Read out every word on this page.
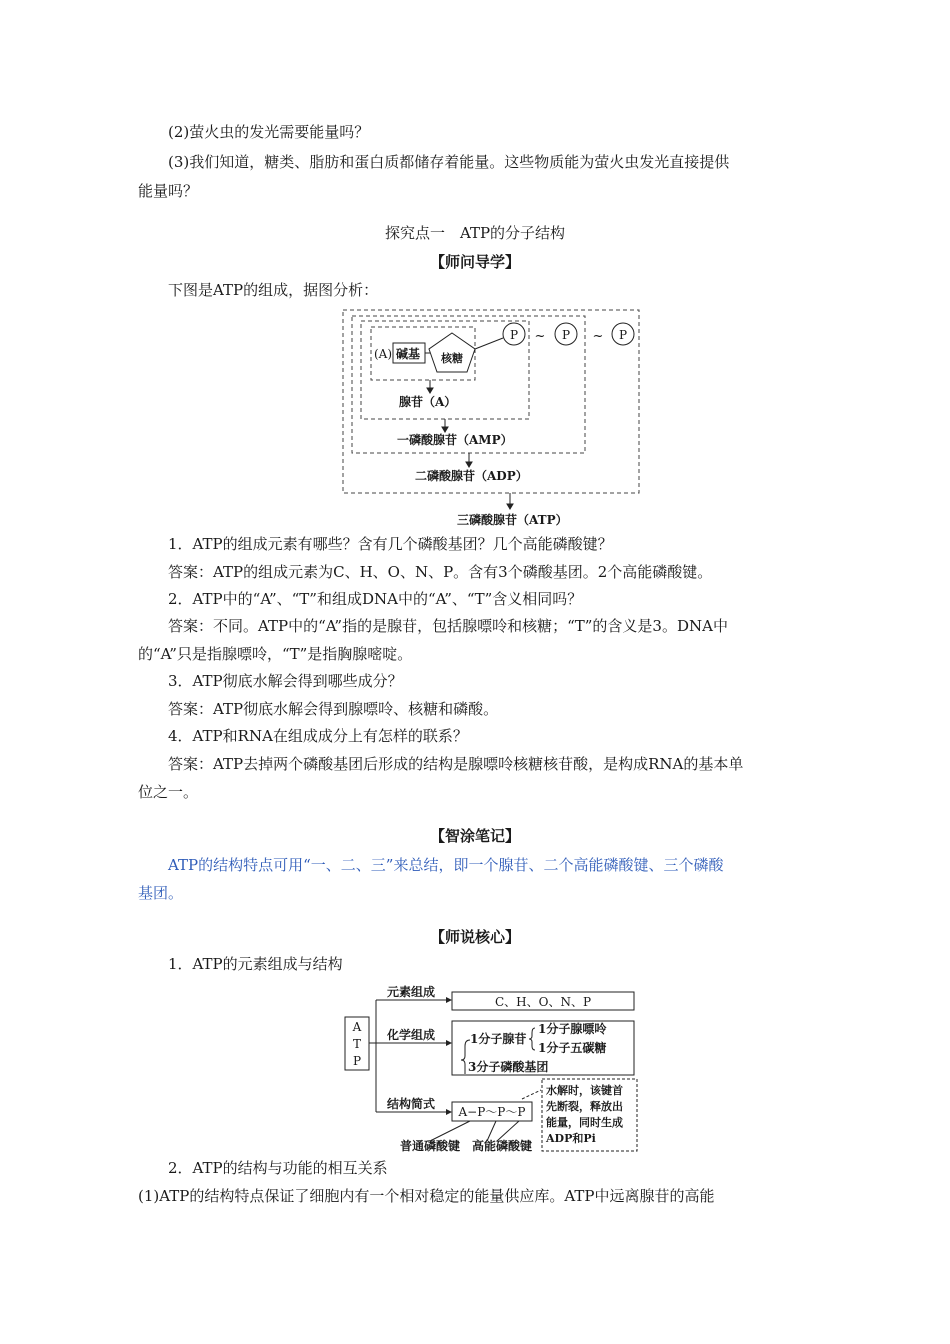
(2)萤火虫的发光需要能量吗？
(3)我们知道，糖类、脂肪和蛋白质都储存着能量。这些物质能为萤火虫发光直接提供
能量吗？
探究点一　ATP的分子结构
【师问导学】
下图是ATP的组成，据图分析：
(A) 碱基 核糖
P	P	P
~	~
腺苷（A）
一磷酸腺苷（AMP）
二磷酸腺苷（ADP）
三磷酸腺苷（ATP）
1．ATP的组成元素有哪些？含有几个磷酸基团？几个高能磷酸键？
答案：ATP的组成元素为C、H、O、N、P。含有3个磷酸基团。2个高能磷酸键。
2．ATP中的“A”、“T”和组成DNA中的“A”、“T”含义相同吗？
答案：不同。ATP中的“A”指的是腺苷，包括腺嘌呤和核糖；“T”的含义是3。DNA中
的“A”只是指腺嘌呤，“T”是指胸腺嘧啶。
3．ATP彻底水解会得到哪些成分？
答案：ATP彻底水解会得到腺嘌呤、核糖和磷酸。
4．ATP和RNA在组成成分上有怎样的联系？
答案：ATP去掉两个磷酸基团后形成的结构是腺嘌呤核糖核苷酸，是构成RNA的基本单
位之一。
【智涂笔记】
ATP的结构特点可用“一、二、三”来总结，即一个腺苷、二个高能磷酸键、三个磷酸
基团。
【师说核心】
1．ATP的元素组成与结构
A
T
P
元素组成
C、H、O、N、P
化学组成	1分子腺苷
1分子腺嘌呤
1分子五碳糖
3分子磷酸基团
结构简式
A−P～P～P
水解时，该键首
先断裂，释放出
能量，同时生成
ADP和Pi
普通磷酸键 高能磷酸键
2．ATP的结构与功能的相互关系
(1)ATP的结构特点保证了细胞内有一个相对稳定的能量供应库。ATP中远离腺苷的高能
